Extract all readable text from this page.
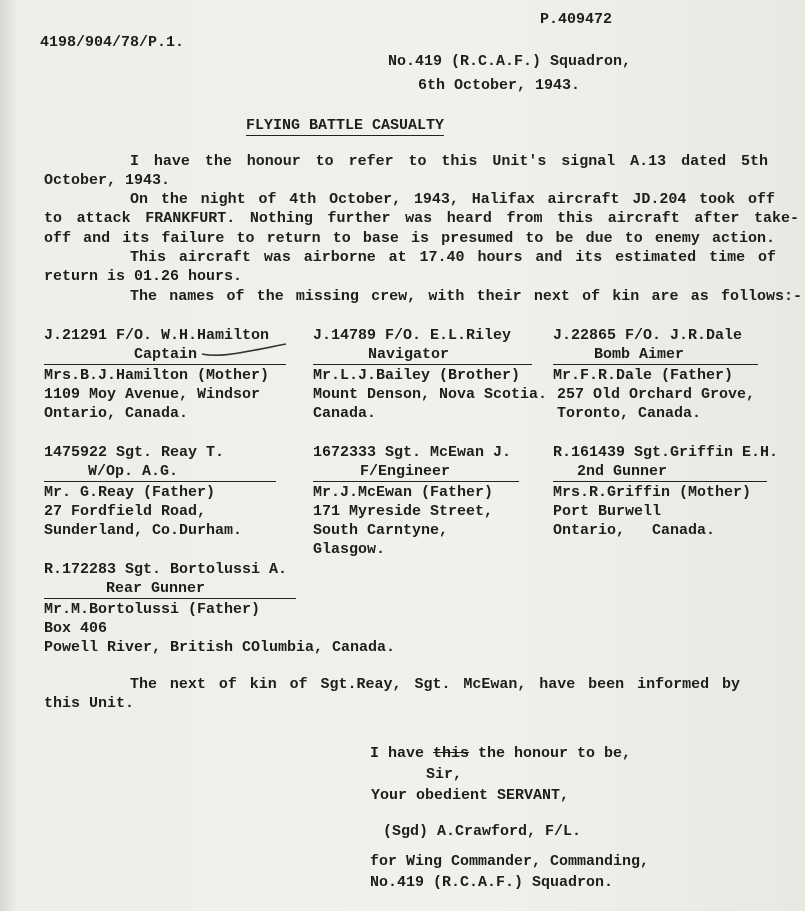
P.409472
4198/904/78/P.1.
No.419 (R.C.A.F.) Squadron,
6th October, 1943.
FLYING BATTLE CASUALTY
I have the honour to refer to this Unit's signal A.13 dated 5th
October, 1943.
On the night of 4th October, 1943, Halifax aircraft JD.204 took off
to attack FRANKFURT. Nothing further was heard from this aircraft after take-
off and its failure to return to base is presumed to be due to enemy action.
This aircraft was airborne at 17.40 hours and its estimated time of
return is 01.26 hours.
The names of the missing crew, with their next of kin are as follows:-
J.21291 F/O. W.H.Hamilton
Captain
Mrs.B.J.Hamilton (Mother)
1109 Moy Avenue, Windsor
Ontario, Canada.
J.14789 F/O. E.L.Riley
Navigator
Mr.L.J.Bailey (Brother)
Mount Denson, Nova Scotia.
Canada.
J.22865 F/O. J.R.Dale
Bomb Aimer
Mr.F.R.Dale (Father)
257 Old Orchard Grove,
Toronto, Canada.
1475922 Sgt. Reay T.
W/Op. A.G.
Mr. G.Reay (Father)
27 Fordfield Road,
Sunderland, Co.Durham.
1672333 Sgt. McEwan J.
F/Engineer
Mr.J.McEwan (Father)
171 Myreside Street,
South Carntyne,
Glasgow.
R.161439 Sgt.Griffin E.H.
2nd Gunner
Mrs.R.Griffin (Mother)
Port Burwell
Ontario,   Canada.
R.172283 Sgt. Bortolussi A.
Rear Gunner
Mr.M.Bortolussi (Father)
Box 406
Powell River, British COlumbia, Canada.
The next of kin of Sgt.Reay, Sgt. McEwan, have been informed by
this Unit.
I have this the honour to be,
Sir,
Your obedient SERVANT,
(Sgd) A.Crawford, F/L.
for Wing Commander, Commanding,
No.419 (R.C.A.F.) Squadron.
